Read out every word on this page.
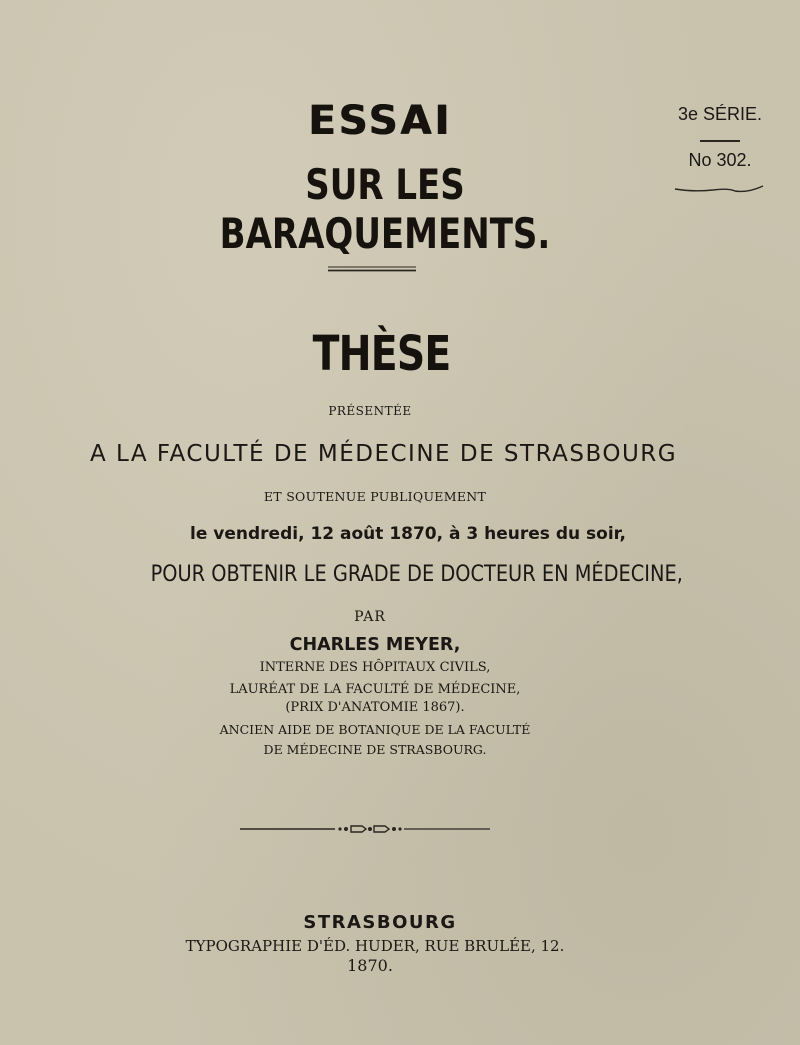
ESSAI
SUR LES BARAQUEMENTS.
3e SÉRIE.
No 302.
THÈSE
PRÉSENTÉE
A LA FACULTÉ DE MÉDECINE DE STRASBOURG
ET SOUTENUE PUBLIQUEMENT
le vendredi, 12 août 1870, à 3 heures du soir,
POUR OBTENIR LE GRADE DE DOCTEUR EN MÉDECINE,
PAR
CHARLES MEYER,
INTERNE DES HÔPITAUX CIVILS,
LAURÉAT DE LA FACULTÉ DE MÉDECINE,
(PRIX D'ANATOMIE 1867).
ANCIEN AIDE DE BOTANIQUE DE LA FACULTÉ
DE MÉDECINE DE STRASBOURG.
STRASBOURG
TYPOGRAPHIE D'ÉD. HUDER, RUE BRULÉE, 12.
1870.
